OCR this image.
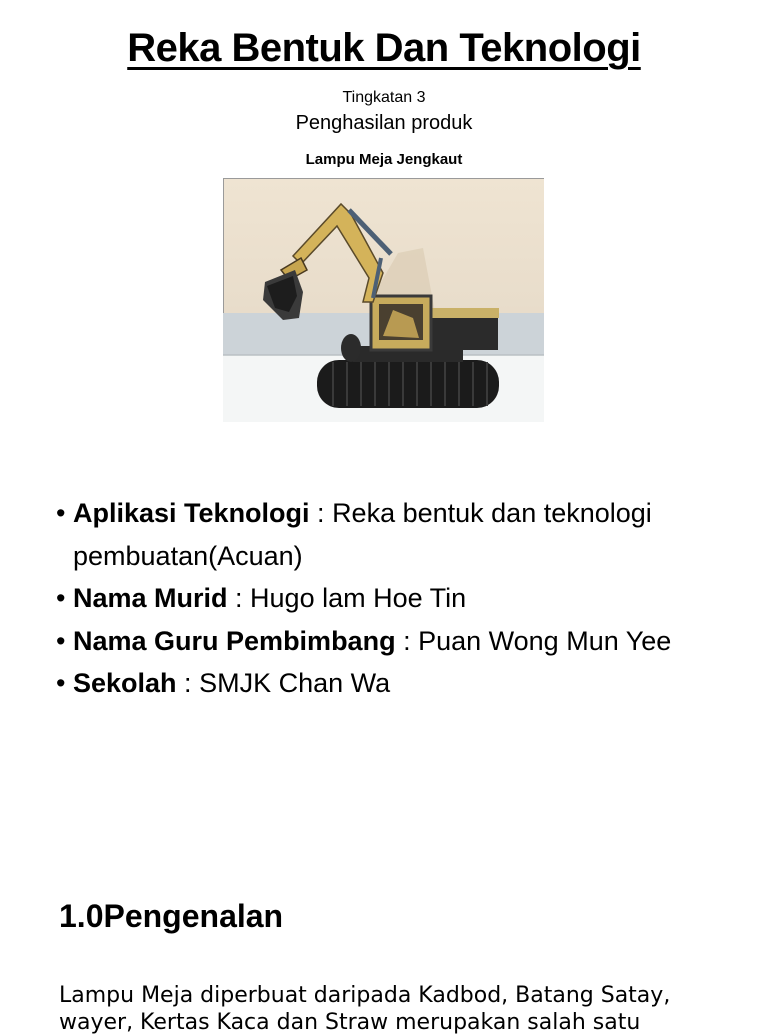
Reka Bentuk Dan Teknologi
Tingkatan 3
Penghasilan produk
Lampu Meja Jengkaut
• Aplikasi Teknologi : Reka bentuk dan teknologi pembuatan(Acuan)
• Nama Murid : Hugo lam Hoe Tin
• Nama Guru Pembimbang : Puan Wong Mun Yee
• Sekolah : SMJK Chan Wa
1.0Pengenalan

Lampu Meja diperbuat daripada Kadbod, Batang Satay, wayer, Kertas Kaca dan Straw merupakan salah satu
